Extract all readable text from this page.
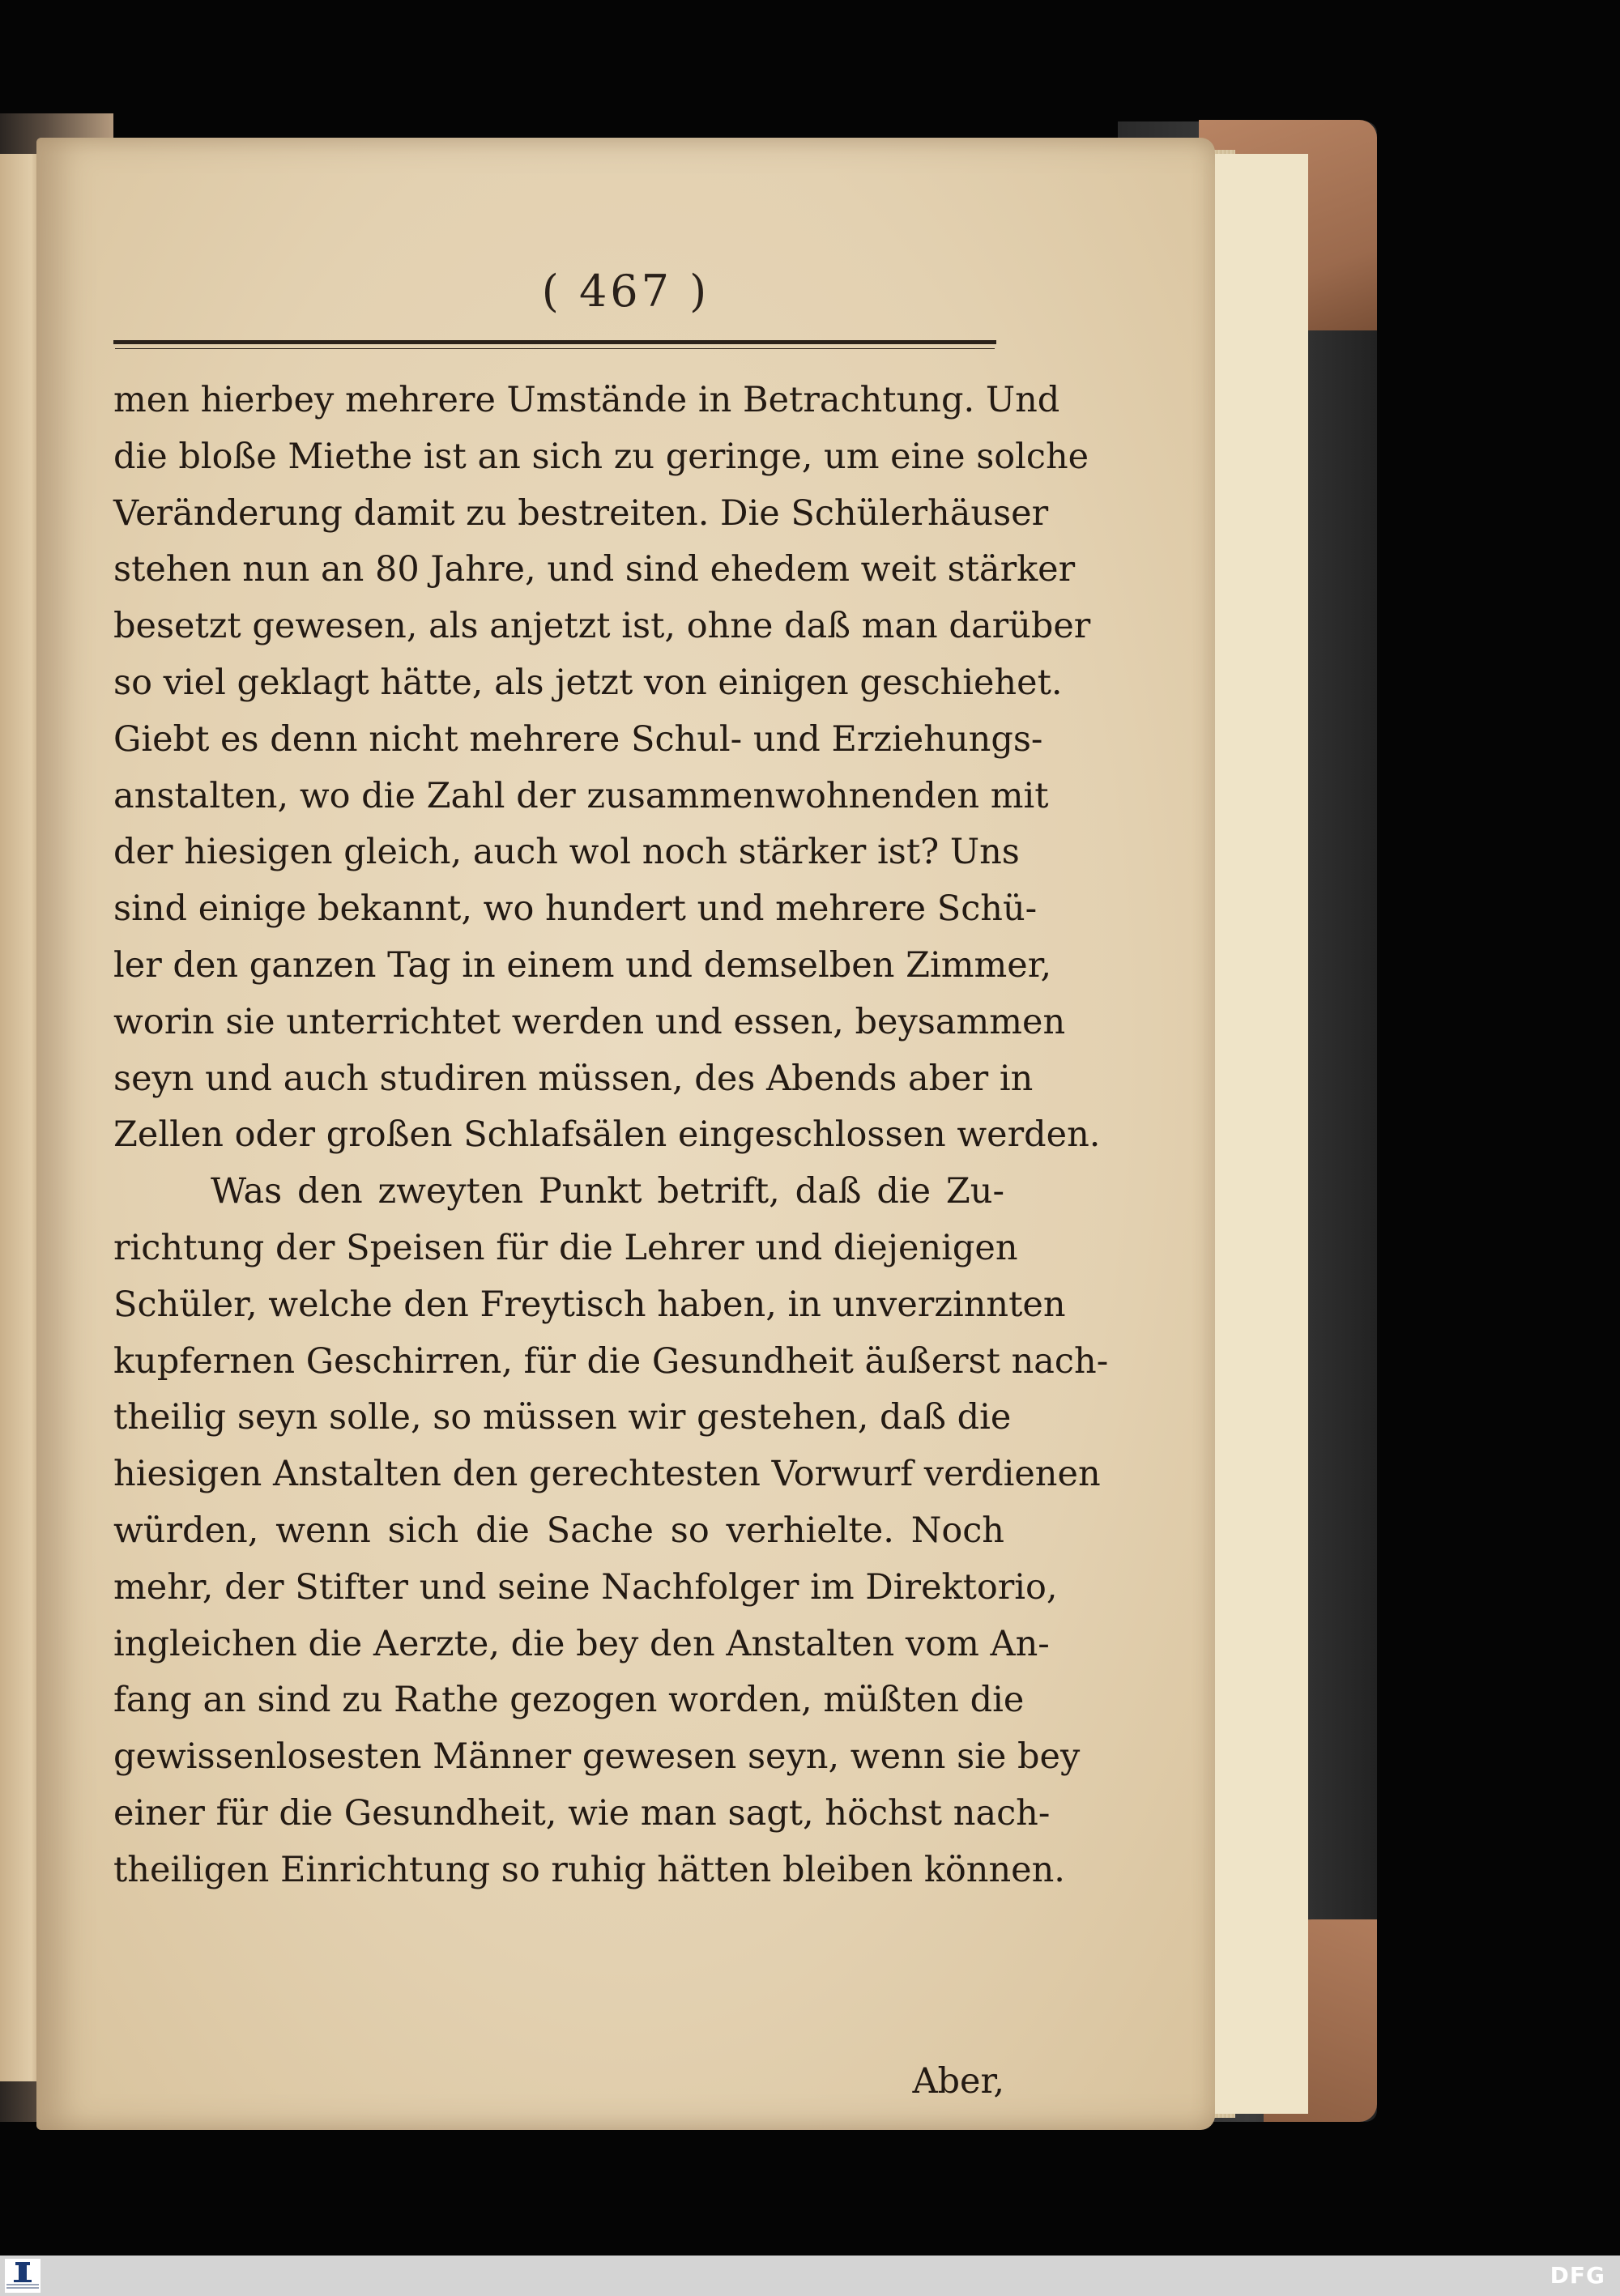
( 467 )
men hierbey mehrere Umstände in Betrachtung. Und
die bloße Miethe ist an sich zu geringe, um eine solche
Veränderung damit zu bestreiten. Die Schülerhäuser
stehen nun an 80 Jahre, und sind ehedem weit stärker
besetzt gewesen, als anjetzt ist, ohne daß man darüber
so viel geklagt hätte, als jetzt von einigen geschiehet.
Giebt es denn nicht mehrere Schul- und Erziehungs-
anstalten, wo die Zahl der zusammenwohnenden mit
der hiesigen gleich, auch wol noch stärker ist? Uns
sind einige bekannt, wo hundert und mehrere Schü-
ler den ganzen Tag in einem und demselben Zimmer,
worin sie unterrichtet werden und essen, beysammen
seyn und auch studiren müssen, des Abends aber in
Zellen oder großen Schlafsälen eingeschlossen werden.
Was den zweyten Punkt betrift, daß die Zu-
richtung der Speisen für die Lehrer und diejenigen
Schüler, welche den Freytisch haben, in unverzinnten
kupfernen Geschirren, für die Gesundheit äußerst nach-
theilig seyn solle, so müssen wir gestehen, daß die
hiesigen Anstalten den gerechtesten Vorwurf verdienen
würden, wenn sich die Sache so verhielte. Noch
mehr, der Stifter und seine Nachfolger im Direktorio,
ingleichen die Aerzte, die bey den Anstalten vom An-
fang an sind zu Rathe gezogen worden, müßten die
gewissenlosesten Männer gewesen seyn, wenn sie bey
einer für die Gesundheit, wie man sagt, höchst nach-
theiligen Einrichtung so ruhig hätten bleiben können.
Aber,
DFG
